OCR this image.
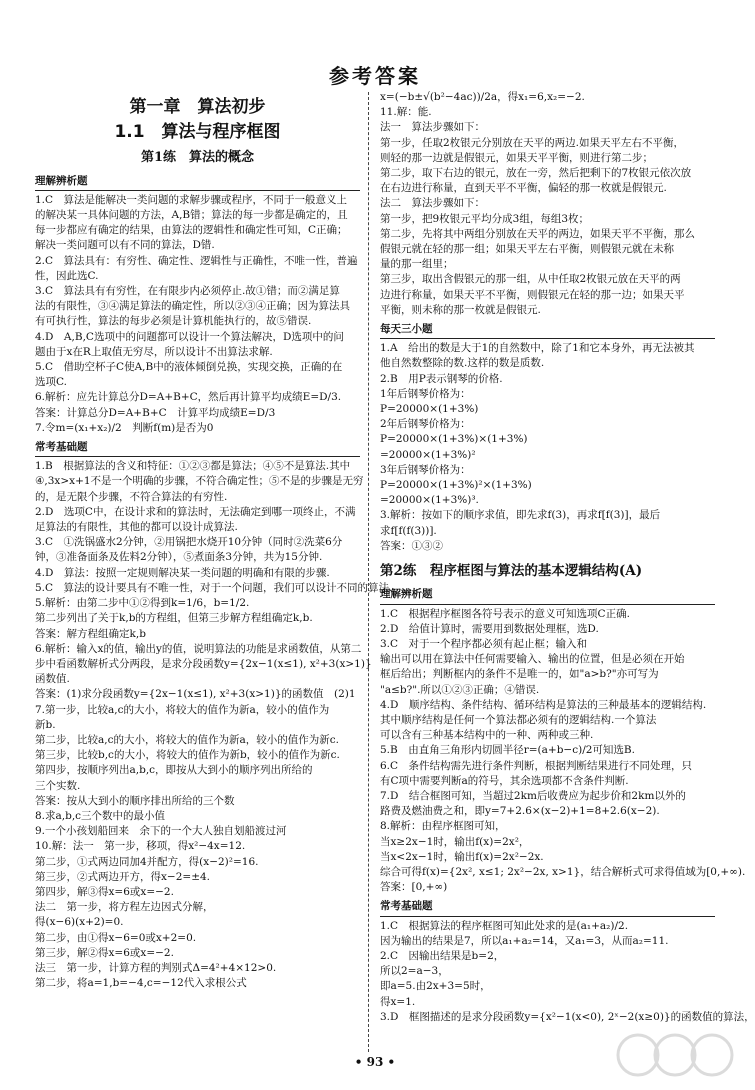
参考答案
第一章　算法初步
1.1　算法与程序框图
第1练　算法的概念
理解辨析题
1.C　算法是能解决一类问题的求解步骤或程序，不同于一般意义上
的解决某一具体问题的方法，A,B错；算法的每一步都是确定的，且
每一步都应有确定的结果，由算法的逻辑性和确定性可知，C正确；
解决一类问题可以有不同的算法，D错.
2.C　算法具有：有穷性、确定性、逻辑性与正确性，不唯一性，普遍
性，因此选C.
3.C　算法具有有穷性，在有限步内必须停止.故①错；而②满足算
法的有限性，③④满足算法的确定性，所以②③④正确；因为算法具
有可执行性，算法的每步必须是计算机能执行的，故⑤错误.
4.D　A,B,C选项中的问题都可以设计一个算法解决，D选项中的问
题由于x在R上取值无穷尽，所以设计不出算法求解.
5.C　借助空杯子C使A,B中的液体倾倒兑换，实现交换，正确的在
选项C.
6.解析：应先计算总分D=A+B+C，然后再计算平均成绩E=D/3.
答案：计算总分D=A+B+C　计算平均成绩E=D/3
7.令m=(x₁+x₂)/2　判断f(m)是否为0
常考基础题
1.B　根据算法的含义和特征：①②③都是算法；④⑤不是算法.其中
④,3x>x+1不是一个明确的步骤，不符合确定性；⑤不是的步骤是无穷
的，是无限个步骤，不符合算法的有穷性.
2.D　选项C中，在设计求和的算法时，无法确定到哪一项终止，不满
足算法的有限性，其他的都可以设计成算法.
3.C　①洗锅盛水2分钟，②用锅把水烧开10分钟（同时②洗菜6分
钟，③准备面条及佐料2分钟），⑤煮面条3分钟，共为15分钟.
4.D　算法：按照一定规则解决某一类问题的明确和有限的步骤.
5.C　算法的设计要具有不唯一性，对于一个问题，我们可以设计不同的算法.
5.解析：由第二步中①②得到k=1/6，b=1/2.
第二步列出了关于k,b的方程组，但第三步解方程组确定k,b.
答案：解方程组确定k,b
6.解析：输入x的值，输出y的值，说明算法的功能是求函数值，从第二
步中看函数解析式分两段，是求分段函数y={2x−1(x≤1), x²+3(x>1)}
函数值.
答案：(1)求分段函数y={2x−1(x≤1), x²+3(x>1)}的函数值　(2)1
7.第一步，比较a,c的大小，将较大的值作为新a，较小的值作为
新b.
第二步，比较a,c的大小，将较大的值作为新a，较小的值作为新c.
第三步，比较b,c的大小，将较大的值作为新b，较小的值作为新c.
第四步，按顺序列出a,b,c，即按从大到小的顺序列出所给的
三个实数.
答案：按从大到小的顺序排出所给的三个数
8.求a,b,c三个数中的最小值
9.一个小孩划船回来　余下的一个大人独自划船渡过河
10.解：法一　第一步，移项，得x²−4x=12.
第二步，①式两边同加4并配方，得(x−2)²=16.
第三步，②式两边开方，得x−2=±4.
第四步，解③得x=6或x=−2.
法二　第一步，将方程左边因式分解，
得(x−6)(x+2)=0.
第二步，由①得x−6=0或x+2=0.
第三步，解②得x=6或x=−2.
法三　第一步，计算方程的判别式Δ=4²+4×12>0.
第二步，将a=1,b=−4,c=−12代入求根公式
x=(−b±√(b²−4ac))/2a，得x₁=6,x₂=−2.
11.解：能.
法一　算法步骤如下：
第一步，任取2枚银元分别放在天平的两边.如果天平左右不平衡，
则轻的那一边就是假银元，如果天平平衡，则进行第二步；
第二步，取下右边的银元，放在一旁，然后把剩下的7枚银元依次放
在右边进行称量，直到天平不平衡，偏轻的那一枚就是假银元.
法二　算法步骤如下：
第一步，把9枚银元平均分成3组，每组3枚；
第二步，先将其中两组分别放在天平的两边，如果天平不平衡，那么
假银元就在轻的那一组；如果天平左右平衡，则假银元就在未称
量的那一组里；
第三步，取出含假银元的那一组，从中任取2枚银元放在天平的两
边进行称量，如果天平不平衡，则假银元在轻的那一边；如果天平
平衡，则未称的那一枚就是假银元.
每天三小题
1.A　给出的数是大于1的自然数中，除了1和它本身外，再无法被其
他自然数整除的数.这样的数是质数.
2.B　用P表示钢琴的价格.
1年后钢琴价格为：
P=20000×(1+3%)
2年后钢琴价格为：
P=20000×(1+3%)×(1+3%)
=20000×(1+3%)²
3年后钢琴价格为：
P=20000×(1+3%)²×(1+3%)
=20000×(1+3%)³.
3.解析：按如下的顺序求值，即先求f(3)，再求f[f(3)]，最后
求f[f(f(3))].
答案：①③②
第2练　程序框图与算法的基本逻辑结构(A)
理解辨析题
1.C　根据程序框图各符号表示的意义可知选项C正确.
2.D　给值计算时，需要用到数据处理框，选D.
3.C　对于一个程序都必须有起止框；输入和
输出可以用在算法中任何需要输入、输出的位置，但是必须在开始
框后给出；判断框内的条件不是唯一的，如"a>b?"亦可写为
"a≤b?".所以①②③正确；④错误.
4.D　顺序结构、条件结构、循环结构是算法的三种最基本的逻辑结构.
其中顺序结构是任何一个算法都必须有的逻辑结构.一个算法
可以含有三种基本结构中的一种、两种或三种.
5.B　由直角三角形内切圆半径r=(a+b−c)/2可知选B.
6.C　条件结构需先进行条件判断，根据判断结果进行不同处理，只
有C项中需要判断a的符号，其余选项都不含条件判断.
7.D　结合框图可知，当超过2km后收费应为起步价和2km以外的
路费及燃油费之和，即y=7+2.6×(x−2)+1=8+2.6(x−2).
8.解析：由程序框图可知，
当x≥2x−1时，输出f(x)=2x²，
当x<2x−1时，输出f(x)=2x²−2x.
综合可得f(x)={2x², x≤1; 2x²−2x, x>1}，结合解析式可求得值域为[0,+∞).
答案：[0,+∞)
常考基础题
1.C　根据算法的程序框图可知此处求的是(a₁+a₂)/2.
因为输出的结果是7，所以a₁+a₂=14，又a₁=3，从而a₂=11.
2.C　因输出结果是b=2，
所以2=a−3，
即a=5.由2x+3=5时，
得x=1.
3.D　框图描述的是求分段函数y={x²−1(x<0), 2ˣ−2(x≥0)}的函数值的算法，
• 93 •
